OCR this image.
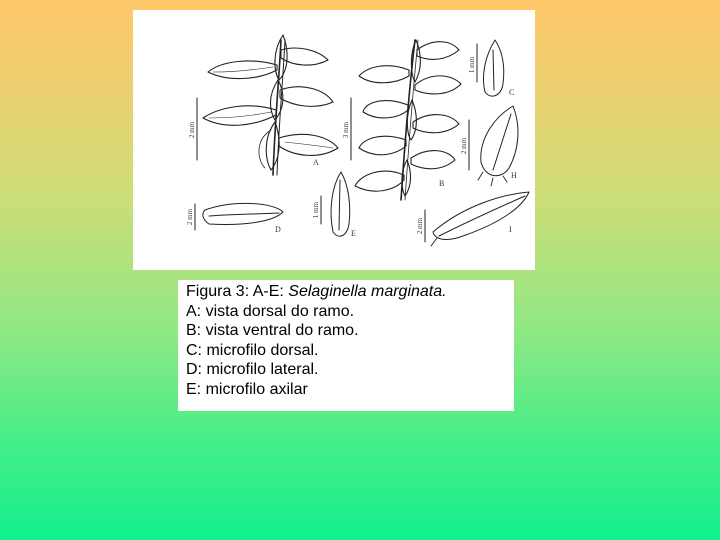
2 mm
A
3 mm
B
1 mm
C
2 mm
H
2 mm
D
1 mm
E	2 mm	I
Figura 3: A-E: Selaginella marginata.
A: vista dorsal do ramo.
B: vista ventral do ramo.
C: microfilo dorsal.
D: microfilo lateral.
E: microfilo axilar
